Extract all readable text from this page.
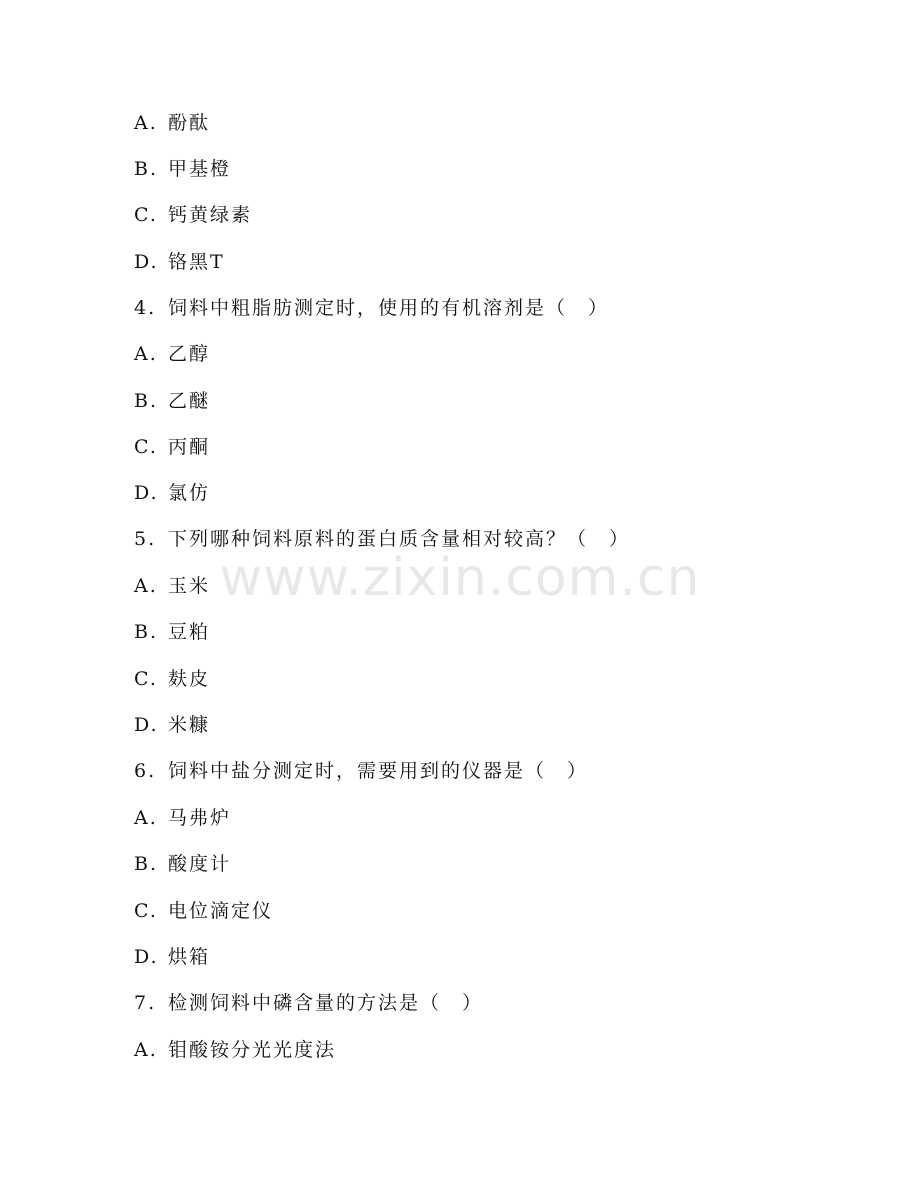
www.zixin.com.cn
A. 酚酞
B. 甲基橙
C. 钙黄绿素
D. 铬黑T
4. 饲料中粗脂肪测定时，使用的有机溶剂是（　）
A. 乙醇
B. 乙醚
C. 丙酮
D. 氯仿
5. 下列哪种饲料原料的蛋白质含量相对较高？（　）
A. 玉米
B. 豆粕
C. 麸皮
D. 米糠
6. 饲料中盐分测定时，需要用到的仪器是（　）
A. 马弗炉
B. 酸度计
C. 电位滴定仪
D. 烘箱
7. 检测饲料中磷含量的方法是（　）
A. 钼酸铵分光光度法
